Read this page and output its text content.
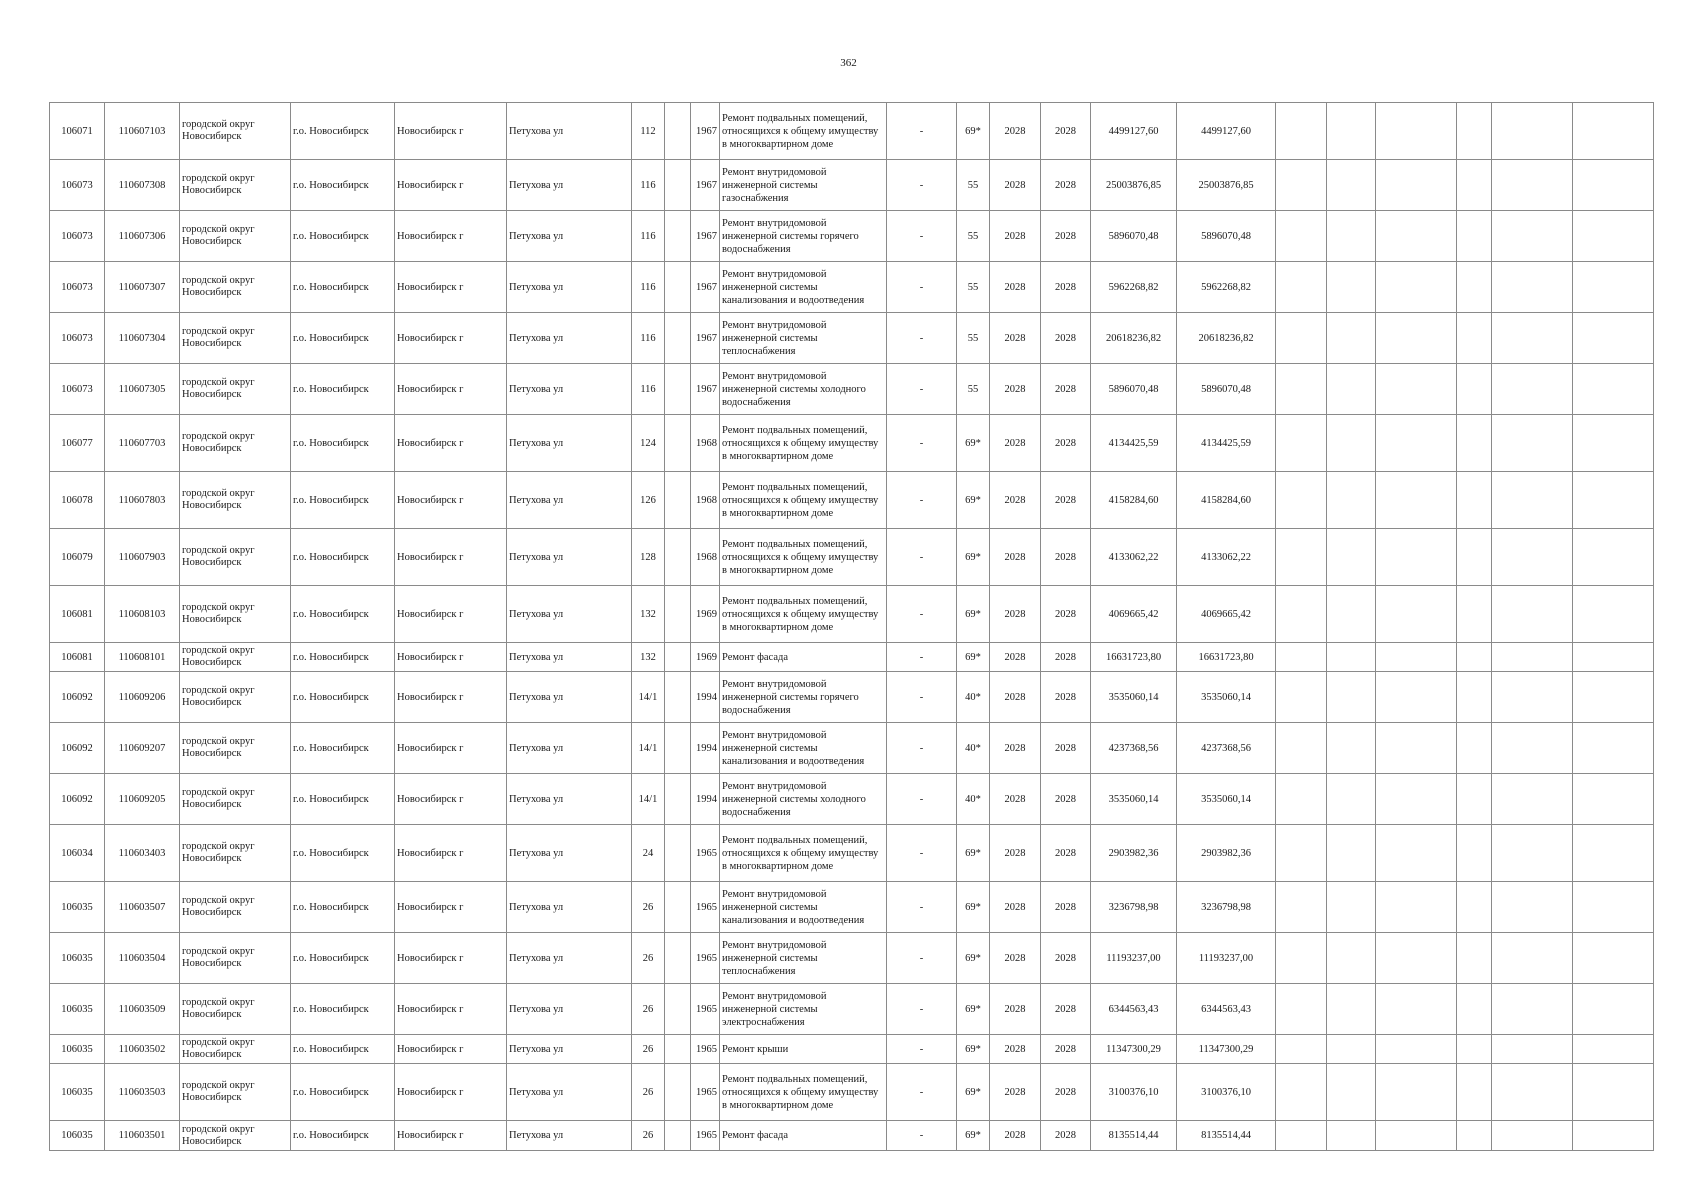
362
106071	110607103	городской округ Новосибирск	г.о. Новосибирск	Новосибирск г	Петухова ул	112		1967	Ремонт подвальных помещений, относящихся к общему имуществу в многоквартирном доме	-	69*	2028	2028	4499127,60	4499127,60						
106073	110607308	городской округ Новосибирск	г.о. Новосибирск	Новосибирск г	Петухова ул	116		1967	Ремонт внутридомовой инженерной системы газоснабжения	-	55	2028	2028	25003876,85	25003876,85						
106073	110607306	городской округ Новосибирск	г.о. Новосибирск	Новосибирск г	Петухова ул	116		1967	Ремонт внутридомовой инженерной системы горячего водоснабжения	-	55	2028	2028	5896070,48	5896070,48						
106073	110607307	городской округ Новосибирск	г.о. Новосибирск	Новосибирск г	Петухова ул	116		1967	Ремонт внутридомовой инженерной системы канализования и водоотведения	-	55	2028	2028	5962268,82	5962268,82						
106073	110607304	городской округ Новосибирск	г.о. Новосибирск	Новосибирск г	Петухова ул	116		1967	Ремонт внутридомовой инженерной системы теплоснабжения	-	55	2028	2028	20618236,82	20618236,82						
106073	110607305	городской округ Новосибирск	г.о. Новосибирск	Новосибирск г	Петухова ул	116		1967	Ремонт внутридомовой инженерной системы холодного водоснабжения	-	55	2028	2028	5896070,48	5896070,48						
106077	110607703	городской округ Новосибирск	г.о. Новосибирск	Новосибирск г	Петухова ул	124		1968	Ремонт подвальных помещений, относящихся к общему имуществу в многоквартирном доме	-	69*	2028	2028	4134425,59	4134425,59						
106078	110607803	городской округ Новосибирск	г.о. Новосибирск	Новосибирск г	Петухова ул	126		1968	Ремонт подвальных помещений, относящихся к общему имуществу в многоквартирном доме	-	69*	2028	2028	4158284,60	4158284,60						
106079	110607903	городской округ Новосибирск	г.о. Новосибирск	Новосибирск г	Петухова ул	128		1968	Ремонт подвальных помещений, относящихся к общему имуществу в многоквартирном доме	-	69*	2028	2028	4133062,22	4133062,22						
106081	110608103	городской округ Новосибирск	г.о. Новосибирск	Новосибирск г	Петухова ул	132		1969	Ремонт подвальных помещений, относящихся к общему имуществу в многоквартирном доме	-	69*	2028	2028	4069665,42	4069665,42						
106081	110608101	городской округ Новосибирск	г.о. Новосибирск	Новосибирск г	Петухова ул	132		1969	Ремонт фасада	-	69*	2028	2028	16631723,80	16631723,80						
106092	110609206	городской округ Новосибирск	г.о. Новосибирск	Новосибирск г	Петухова ул	14/1		1994	Ремонт внутридомовой инженерной системы горячего водоснабжения	-	40*	2028	2028	3535060,14	3535060,14						
106092	110609207	городской округ Новосибирск	г.о. Новосибирск	Новосибирск г	Петухова ул	14/1		1994	Ремонт внутридомовой инженерной системы канализования и водоотведения	-	40*	2028	2028	4237368,56	4237368,56						
106092	110609205	городской округ Новосибирск	г.о. Новосибирск	Новосибирск г	Петухова ул	14/1		1994	Ремонт внутридомовой инженерной системы холодного водоснабжения	-	40*	2028	2028	3535060,14	3535060,14						
106034	110603403	городской округ Новосибирск	г.о. Новосибирск	Новосибирск г	Петухова ул	24		1965	Ремонт подвальных помещений, относящихся к общему имуществу в многоквартирном доме	-	69*	2028	2028	2903982,36	2903982,36						
106035	110603507	городской округ Новосибирск	г.о. Новосибирск	Новосибирск г	Петухова ул	26		1965	Ремонт внутридомовой инженерной системы канализования и водоотведения	-	69*	2028	2028	3236798,98	3236798,98						
106035	110603504	городской округ Новосибирск	г.о. Новосибирск	Новосибирск г	Петухова ул	26		1965	Ремонт внутридомовой инженерной системы теплоснабжения	-	69*	2028	2028	11193237,00	11193237,00						
106035	110603509	городской округ Новосибирск	г.о. Новосибирск	Новосибирск г	Петухова ул	26		1965	Ремонт внутридомовой инженерной системы электроснабжения	-	69*	2028	2028	6344563,43	6344563,43						
106035	110603502	городской округ Новосибирск	г.о. Новосибирск	Новосибирск г	Петухова ул	26		1965	Ремонт крыши	-	69*	2028	2028	11347300,29	11347300,29						
106035	110603503	городской округ Новосибирск	г.о. Новосибирск	Новосибирск г	Петухова ул	26		1965	Ремонт подвальных помещений, относящихся к общему имуществу в многоквартирном доме	-	69*	2028	2028	3100376,10	3100376,10						
106035	110603501	городской округ Новосибирск	г.о. Новосибирск	Новосибирск г	Петухова ул	26		1965	Ремонт фасада	-	69*	2028	2028	8135514,44	8135514,44						
